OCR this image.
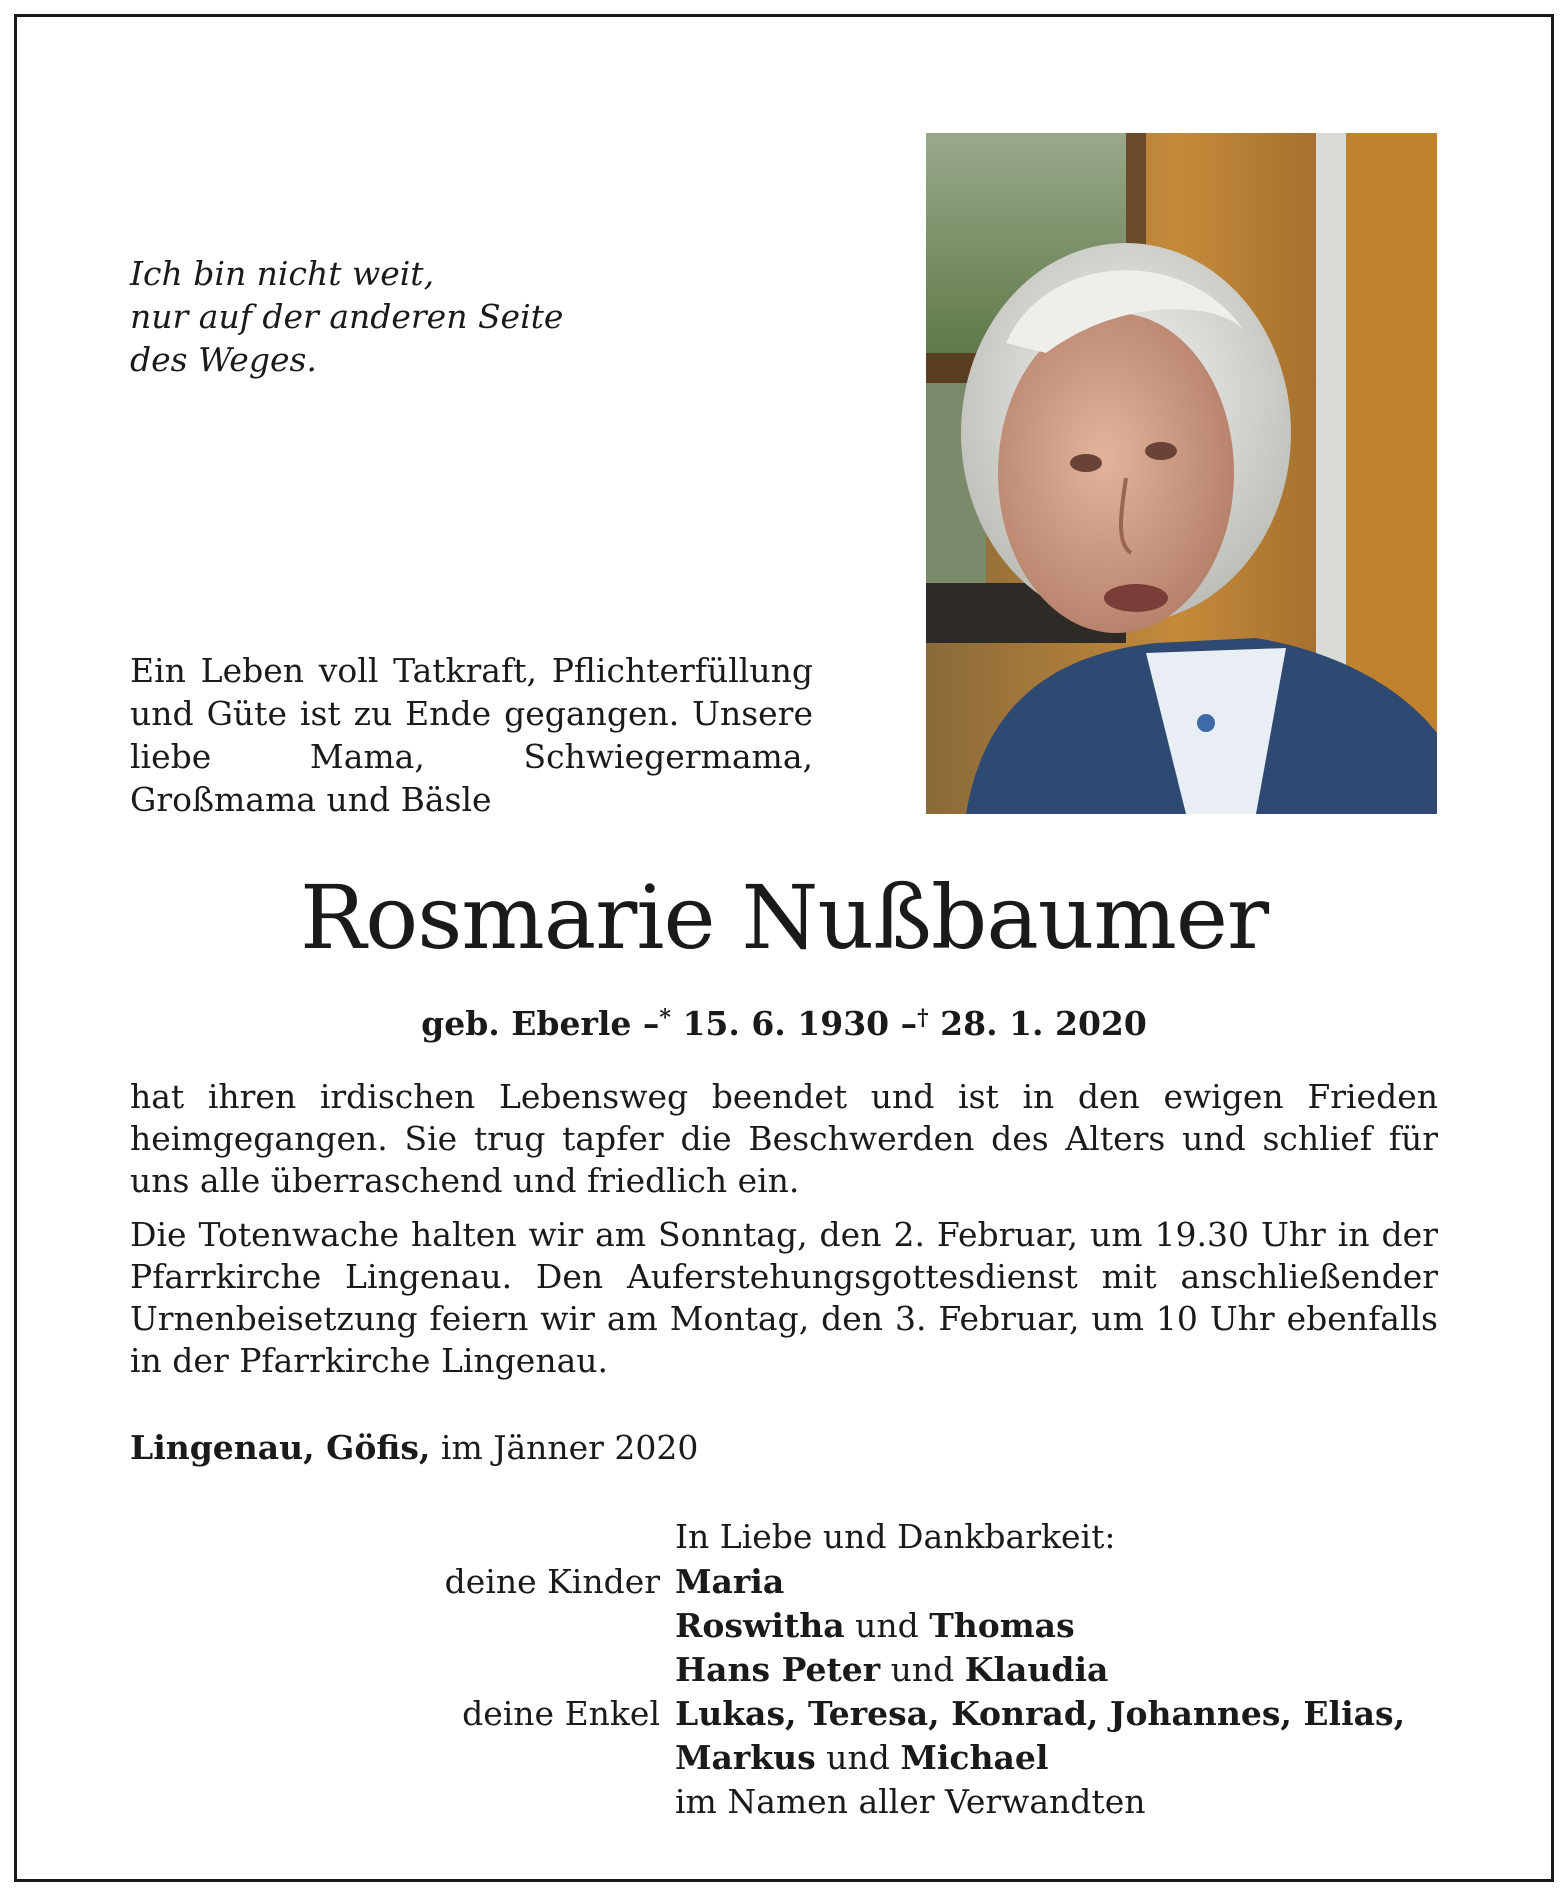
Ich bin nicht weit,
nur auf der anderen Seite
des Weges.
Ein Leben voll Tatkraft, Pflichterfüllung und Güte ist zu Ende gegangen. Unsere liebe Mama, Schwiegermama, Großmama und Bäsle
Rosmarie Nußbaumer
geb. Eberle –* 15. 6. 1930 –† 28. 1. 2020

hat ihren irdischen Lebensweg beendet und ist in den ewigen Frieden heimgegangen. Sie trug tapfer die Beschwerden des Alters und schlief für uns alle überraschend und friedlich ein.

Die Totenwache halten wir am Sonntag, den 2. Februar, um 19.30 Uhr in der Pfarrkirche Lingenau. Den Auferstehungsgottesdienst mit anschließender Urnenbeisetzung feiern wir am Montag, den 3. Februar, um 10 Uhr ebenfalls in der Pfarrkirche Lingenau.

Lingenau, Göfis, im Jänner 2020
In Liebe und Dankbarkeit:
deine Kinder Maria
Roswitha und Thomas
Hans Peter und Klaudia
deine Enkel Lukas, Teresa, Konrad, Johannes, Elias,
Markus und Michael
im Namen aller Verwandten
